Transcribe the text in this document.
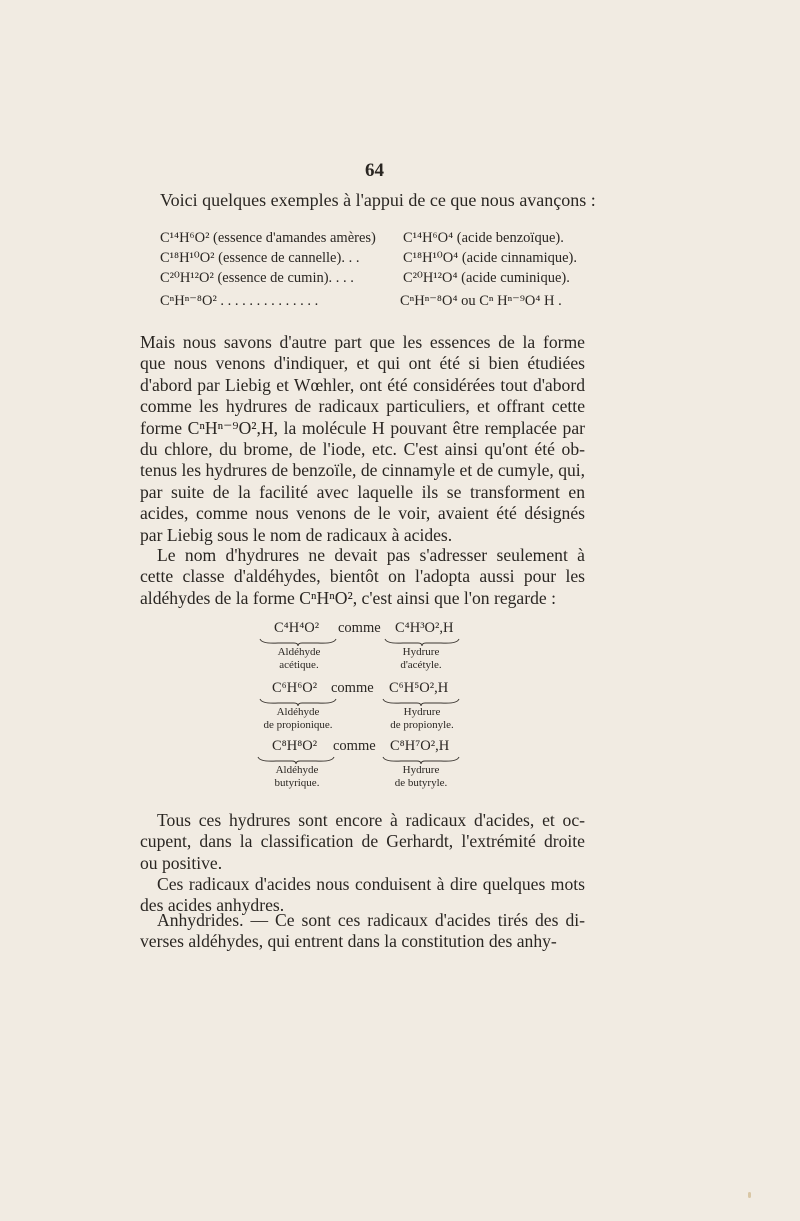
64
Voici quelques exemples à l'appui de ce que nous avançons :
C¹⁴H⁶O² (essence d'amandes amères) C¹⁴H⁶O⁴ (acide benzoïque).
C¹⁸H¹⁰O² (essence de cannelle). . .	C¹⁸H¹⁰O⁴ (acide cinnamique).
C²⁰H¹²O² (essence de cumin). . . .	C²⁰H¹²O⁴ (acide cuminique).
CⁿHⁿ⁻⁸O² . . . . . . . . . . . . . .	CⁿHⁿ⁻⁸O⁴ ou Cⁿ Hⁿ⁻⁹O⁴ H .
Mais nous savons d'autre part que les essences de la forme
que nous venons d'indiquer, et qui ont été si bien étudiées
d'abord par Liebig et Wœhler, ont été considérées tout d'abord
comme les hydrures de radicaux particuliers, et offrant cette
forme CⁿHⁿ⁻⁹O²,H, la molécule H pouvant être remplacée par
du chlore, du brome, de l'iode, etc. C'est ainsi qu'ont été ob-
tenus les hydrures de benzoïle, de cinnamyle et de cumyle, qui,
par suite de la facilité avec laquelle ils se transforment en
acides, comme nous venons de le voir, avaient été désignés
par Liebig sous le nom de radicaux à acides.
Le nom d'hydrures ne devait pas s'adresser seulement à
cette classe d'aldéhydes, bientôt on l'adopta aussi pour les
aldéhydes de la forme CⁿHⁿO², c'est ainsi que l'on regarde :
C⁴H⁴O² comme C⁴H³O²,H
Aldéhyde
acétique.
Hydrure
d'acétyle.
C⁶H⁶O² comme C⁶H⁵O²,H
Aldéhyde
de propionique.
Hydrure
de propionyle.
C⁸H⁸O² comme C⁸H⁷O²,H
Aldéhyde
butyrique.
Hydrure
de butyryle.
Tous ces hydrures sont encore à radicaux d'acides, et oc-
cupent, dans la classification de Gerhardt, l'extrémité droite
ou positive.
Ces radicaux d'acides nous conduisent à dire quelques mots
des acides anhydres.
Anhydrides. — Ce sont ces radicaux d'acides tirés des di-
verses aldéhydes, qui entrent dans la constitution des anhy-
